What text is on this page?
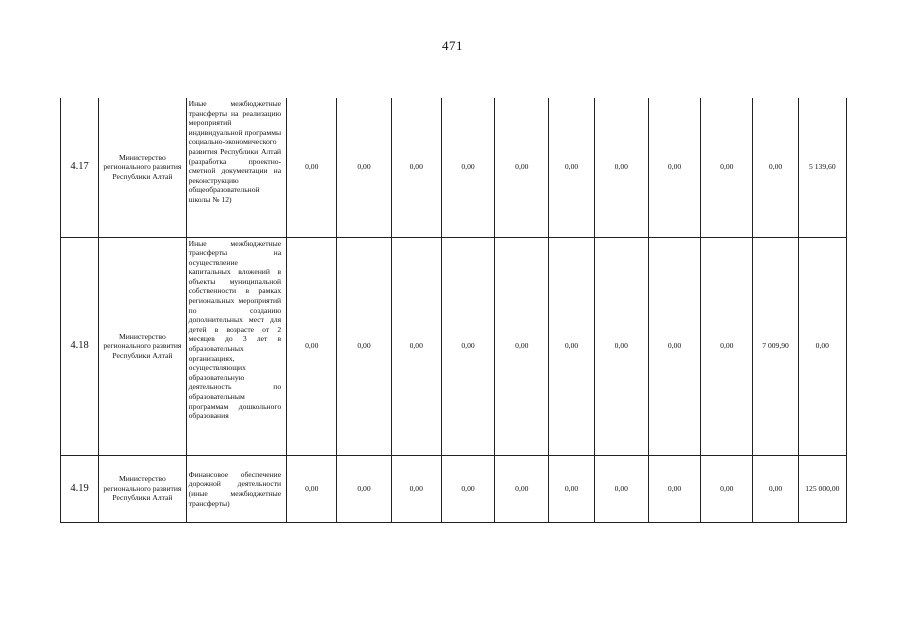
471
4.17	Министерство регионального развития Республики Алтай	Иные межбюджетные трансферты на реализацию мероприятий индивидуальной программы социально-экономического развития Республики Алтай (разработка проектно-сметной документации на реконструкцию общеобразовательной школы № 12)	0,00	0,00	0,00	0,00	0,00	0,00	0,00	0,00	0,00	0,00	5 139,60
4.18	Министерство регионального развития Республики Алтай	Иные межбюджетные трансферты на осуществление капитальных вложений в объекты муниципальной собственности в рамках региональных мероприятий по созданию дополнительных мест для детей в возрасте от 2 месяцев до 3 лет в образовательных организациях, осуществляющих образовательную деятельность по образовательным программам дошкольного образования	0,00	0,00	0,00	0,00	0,00	0,00	0,00	0,00	0,00	7 009,90	0,00
4.19	Министерство регионального развития Республики Алтай	Финансовое обеспечение дорожной деятельности (иные межбюджетные трансферты)	0,00	0,00	0,00	0,00	0,00	0,00	0,00	0,00	0,00	0,00	125 000,00
